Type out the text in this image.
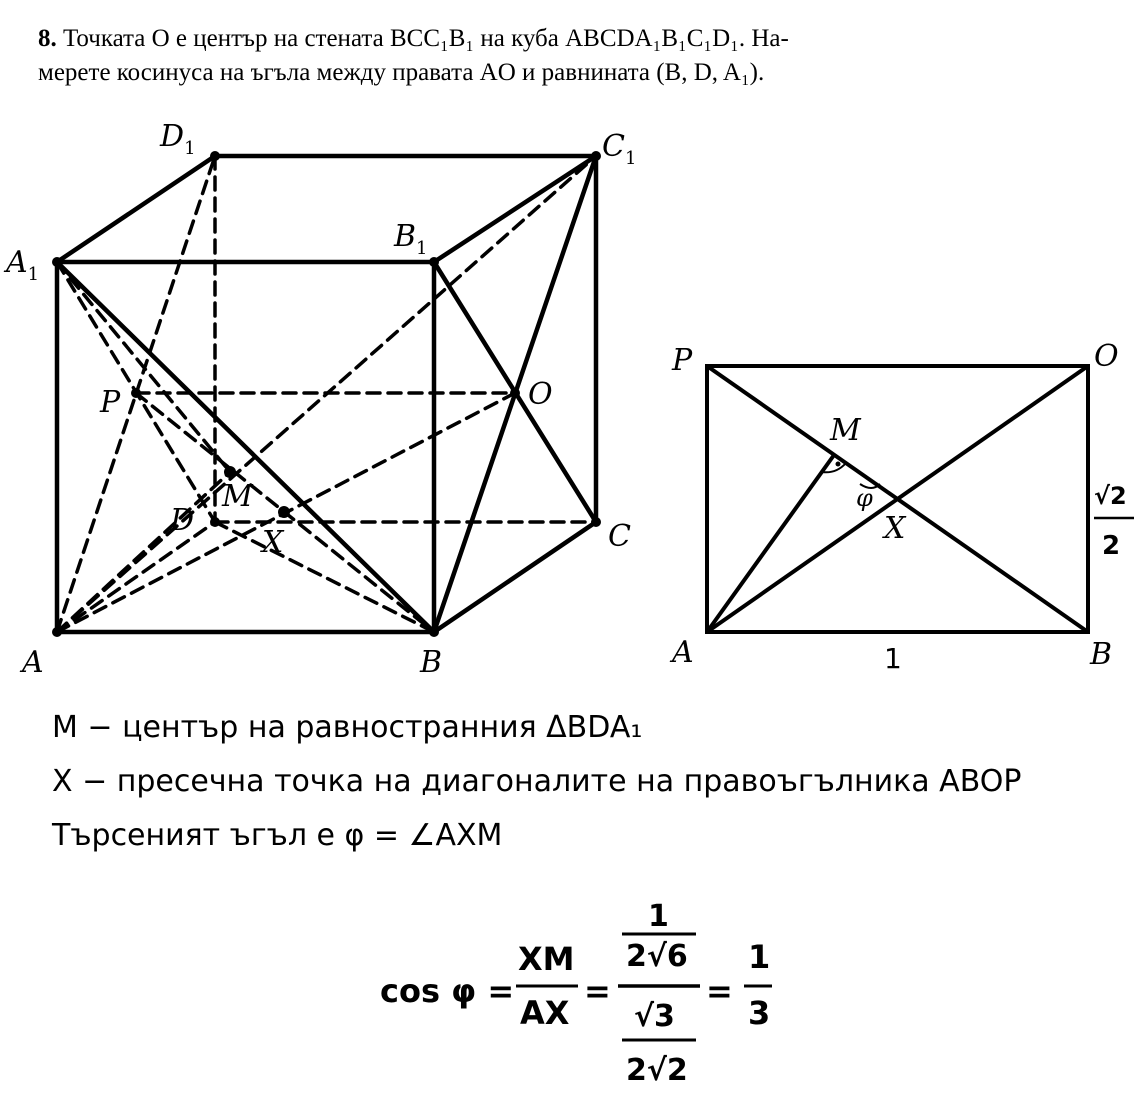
8. Точката O е център на стената BCC₁B₁ на куба ABCDA₁B₁C₁D₁. На-
мерете косинуса на ъгъла между правата AO и равнината (B, D, A₁).
$D_1$	$C_1$
$B_1$
$A_1$
O
P
M
D
X	C
A	B
P	O
A	B
M
X
φ
1
√2
2
M − център на равностранния ΔBDA₁
X − пресечна точка на диагоналите на правоъгълника ABOP
Търсеният ъгъл е φ = ∠AXM
cos φ =
XM
AX
=
1
2√6
√3
2√2
=
1
3
